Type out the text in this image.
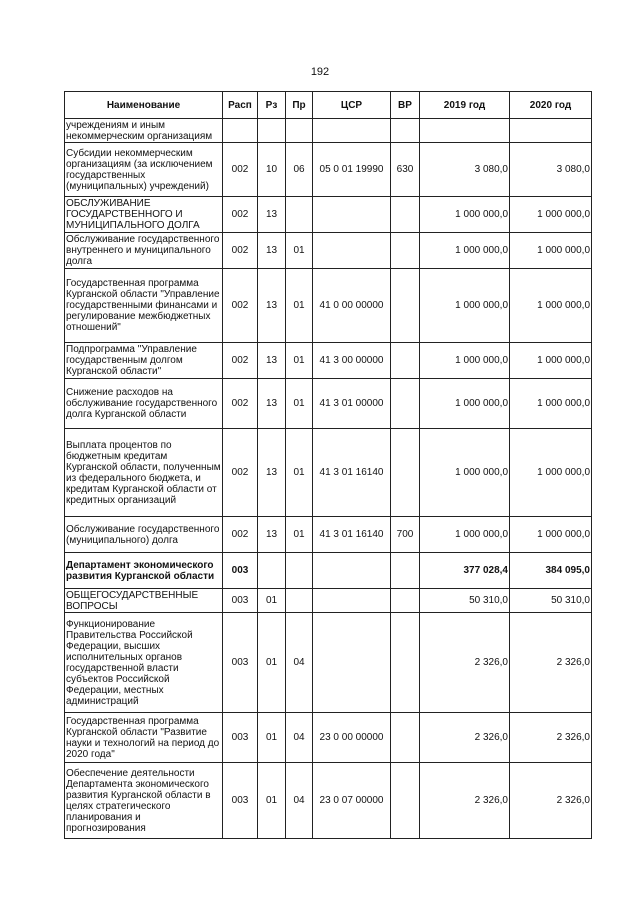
192
Наименование	Расп	Рз	Пр	ЦСР	ВР	2019 год	2020 год
учреждениям и иным некоммерческим организациям							
Субсидии некоммерческим организациям (за исключением государственных (муниципальных) учреждений)	002	10	06	05 0 01 19990	630	3 080,0	3 080,0
ОБСЛУЖИВАНИЕ ГОСУДАРСТВЕННОГО И МУНИЦИПАЛЬНОГО ДОЛГА	002	13				1 000 000,0	1 000 000,0
Обслуживание государственного внутреннего и муниципального долга	002	13	01			1 000 000,0	1 000 000,0
Государственная программа Курганской области "Управление государственными финансами и регулирование межбюджетных отношений"	002	13	01	41 0 00 00000		1 000 000,0	1 000 000,0
Подпрограмма "Управление государственным долгом Курганской области"	002	13	01	41 3 00 00000		1 000 000,0	1 000 000,0
Снижение расходов на обслуживание государственного долга Курганской области	002	13	01	41 3 01 00000		1 000 000,0	1 000 000,0
Выплата процентов по бюджетным кредитам Курганской области, полученным из федерального бюджета, и кредитам Курганской области от кредитных организаций	002	13	01	41 3 01 16140		1 000 000,0	1 000 000,0
Обслуживание государственного (муниципального) долга	002	13	01	41 3 01 16140	700	1 000 000,0	1 000 000,0
Департамент экономического развития Курганской области	003					377 028,4	384 095,0
ОБЩЕГОСУДАРСТВЕННЫЕ ВОПРОСЫ	003	01				50 310,0	50 310,0
Функционирование Правительства Российской Федерации, высших исполнительных органов государственной власти субъектов Российской Федерации, местных администраций	003	01	04			2 326,0	2 326,0
Государственная программа Курганской области "Развитие науки и технологий на период до 2020 года"	003	01	04	23 0 00 00000		2 326,0	2 326,0
Обеспечение деятельности Департамента экономического развития Курганской области в целях стратегического планирования и прогнозирования	003	01	04	23 0 07 00000		2 326,0	2 326,0
